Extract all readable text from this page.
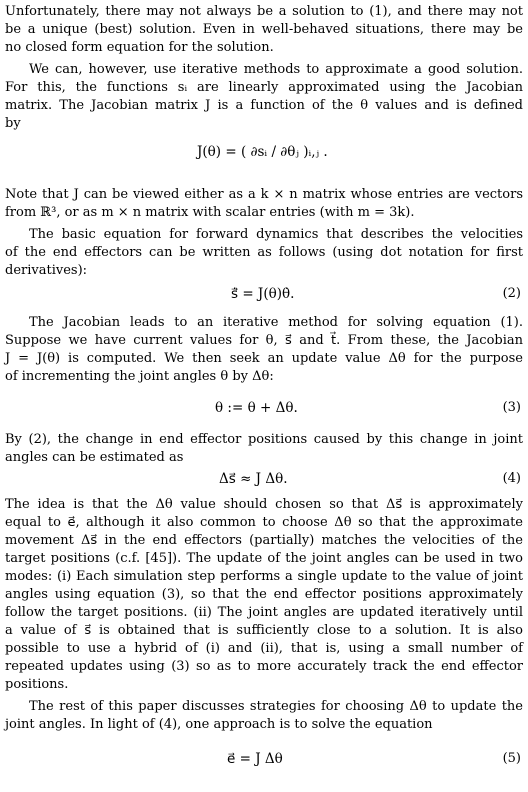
Unfortunately, there may not always be a solution to (1), and there may not
be a unique (best) solution. Even in well-behaved situations, there may be
no closed form equation for the solution.
We can, however, use iterative methods to approximate a good solution.
For this, the functions sᵢ are linearly approximated using the Jacobian
matrix. The Jacobian matrix J is a function of the θ values and is defined
by
J(θ) = ( ∂sᵢ / ∂θⱼ )ᵢ,ⱼ .
Note that J can be viewed either as a k × n matrix whose entries are vectors
from ℝ³, or as m × n matrix with scalar entries (with m = 3k).
The basic equation for forward dynamics that describes the velocities
of the end effectors can be written as follows (using dot notation for first
derivatives):
s⃗̇ = J(θ)θ̇.	(2)
The Jacobian leads to an iterative method for solving equation (1).
Suppose we have current values for θ, s⃗ and t⃗. From these, the Jacobian
J = J(θ) is computed. We then seek an update value Δθ for the purpose
of incrementing the joint angles θ by Δθ:
θ := θ + Δθ.	(3)
By (2), the change in end effector positions caused by this change in joint
angles can be estimated as
Δs⃗ ≈ J Δθ.	(4)
The idea is that the Δθ value should chosen so that Δs⃗ is approximately
equal to e⃗, although it also common to choose Δθ so that the approximate
movement Δs⃗ in the end effectors (partially) matches the velocities of the
target positions (c.f. [45]). The update of the joint angles can be used in two
modes: (i) Each simulation step performs a single update to the value of joint
angles using equation (3), so that the end effector positions approximately
follow the target positions. (ii) The joint angles are updated iteratively until
a value of s⃗ is obtained that is sufficiently close to a solution. It is also
possible to use a hybrid of (i) and (ii), that is, using a small number of
repeated updates using (3) so as to more accurately track the end effector
positions.
The rest of this paper discusses strategies for choosing Δθ to update the
joint angles. In light of (4), one approach is to solve the equation
e⃗ = J Δθ	(5)
